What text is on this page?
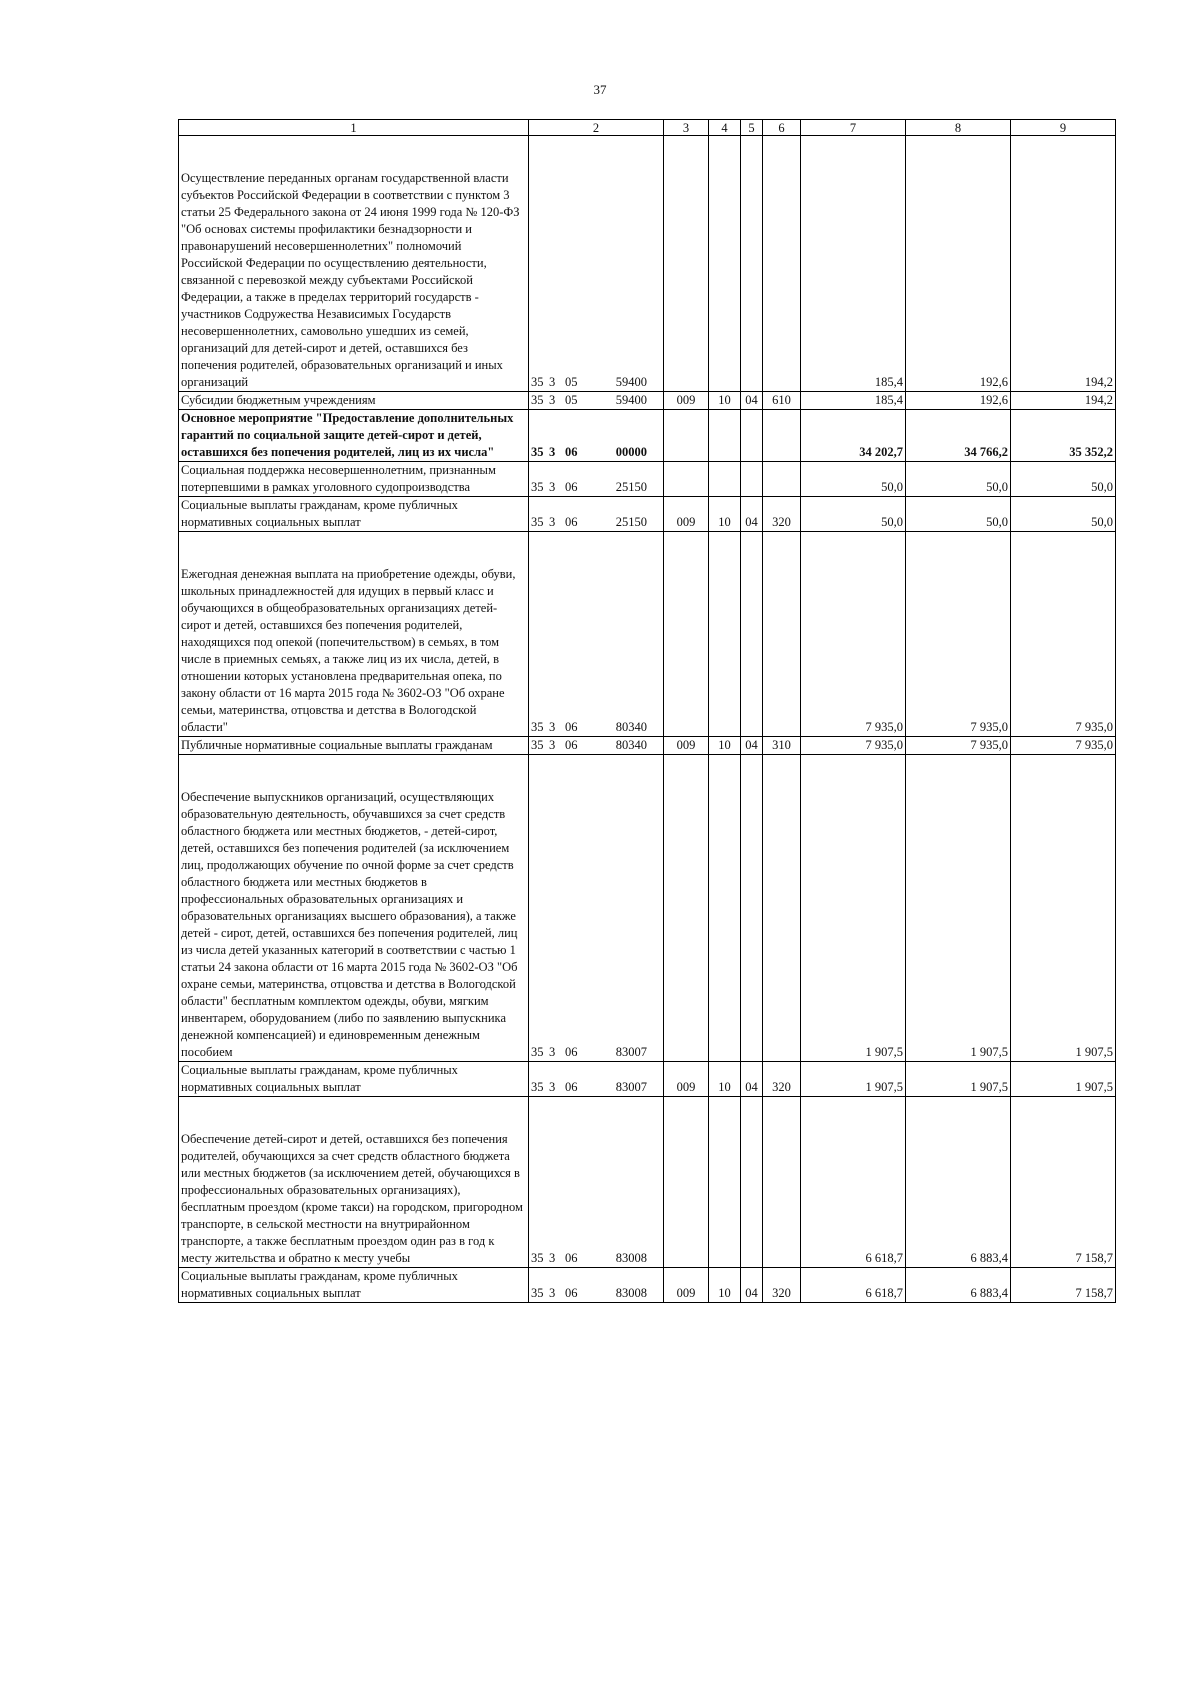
37
1	2	3	4	5	6	7	8	9
Осуществление переданных органам государственной власти субъектов Российской Федерации в соответствии с пунктом 3 статьи 25 Федерального закона от 24 июня 1999 года № 120-ФЗ "Об основах системы профилактики безнадзорности и правонарушений несовершеннолетних" полномочий Российской Федерации по осуществлению деятельности, связанной с перевозкой между субъектами Российской Федерации, а также в пределах территорий государств - участников Содружества Независимых Государств несовершеннолетних, самовольно ушедших из семей, организаций для детей-сирот и детей, оставшихся без попечения родителей, образовательных организаций и иных организаций	35 3 05 59400					185,4	192,6	194,2
Субсидии бюджетным учреждениям	35 3 05 59400	009	10	04	610	185,4	192,6	194,2
Основное мероприятие "Предоставление дополнительных гарантий по социальной защите детей-сирот и детей, оставшихся без попечения родителей, лиц из их числа"	35 3 06 00000					34 202,7	34 766,2	35 352,2
Социальная поддержка несовершеннолетним, признанным потерпевшими в рамках уголовного судопроизводства	35 3 06 25150					50,0	50,0	50,0
Социальные выплаты гражданам, кроме публичных нормативных социальных выплат	35 3 06 25150	009	10	04	320	50,0	50,0	50,0
Ежегодная денежная выплата на приобретение одежды, обуви, школьных принадлежностей для идущих в первый класс и обучающихся в общеобразовательных организациях детей-сирот и детей, оставшихся без попечения родителей, находящихся под опекой (попечительством) в семьях, в том числе в приемных семьях, а также лиц из их числа, детей, в отношении которых установлена предварительная опека, по закону области от 16 марта 2015 года № 3602-ОЗ "Об охране семьи, материнства, отцовства и детства в Вологодской области"	35 3 06 80340					7 935,0	7 935,0	7 935,0
Публичные нормативные социальные выплаты гражданам	35 3 06 80340	009	10	04	310	7 935,0	7 935,0	7 935,0
Обеспечение выпускников организаций, осуществляющих образовательную деятельность, обучавшихся за счет средств областного бюджета или местных бюджетов, - детей-сирот, детей, оставшихся без попечения родителей (за исключением лиц, продолжающих обучение по очной форме за счет средств областного бюджета или местных бюджетов в профессиональных образовательных организациях и образовательных организациях высшего образования), а также детей - сирот, детей, оставшихся без попечения родителей, лиц из числа детей указанных категорий в соответствии с частью 1 статьи 24 закона области от 16 марта 2015 года № 3602-ОЗ "Об охране семьи, материнства, отцовства и детства в Вологодской области" бесплатным комплектом одежды, обуви, мягким инвентарем, оборудованием (либо по заявлению выпускника денежной компенсацией) и единовременным денежным пособием	35 3 06 83007					1 907,5	1 907,5	1 907,5
Социальные выплаты гражданам, кроме публичных нормативных социальных выплат	35 3 06 83007	009	10	04	320	1 907,5	1 907,5	1 907,5
Обеспечение детей-сирот и детей, оставшихся без попечения родителей, обучающихся за счет средств областного бюджета или местных бюджетов (за исключением детей, обучающихся в профессиональных образовательных организациях), бесплатным проездом (кроме такси) на городском, пригородном транспорте, в сельской местности на внутрирайонном транспорте, а также бесплатным проездом один раз в год к месту жительства и обратно к месту учебы	35 3 06 83008					6 618,7	6 883,4	7 158,7
Социальные выплаты гражданам, кроме публичных нормативных социальных выплат	35 3 06 83008	009	10	04	320	6 618,7	6 883,4	7 158,7
